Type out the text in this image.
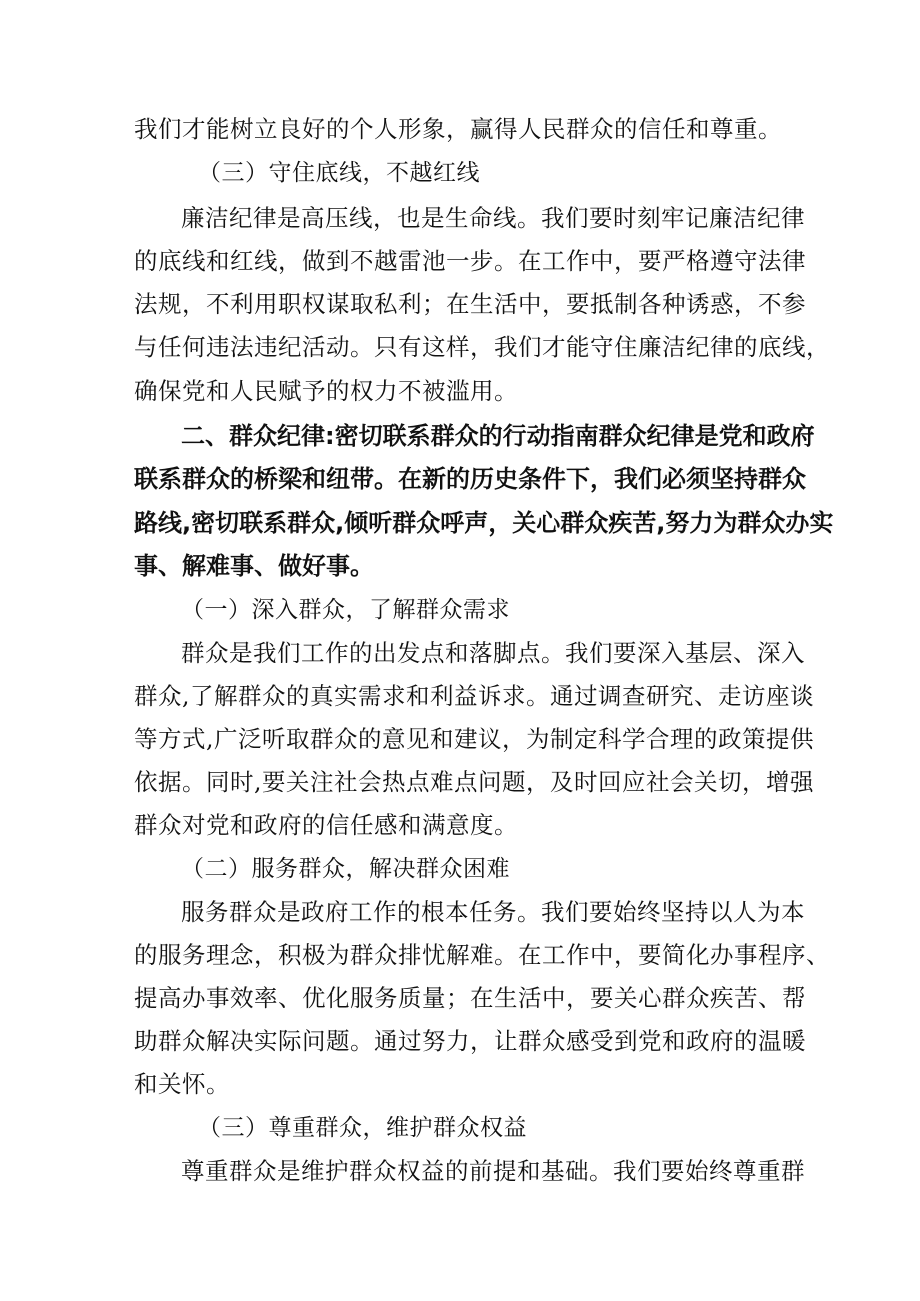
我们才能树立良好的个人形象，赢得人民群众的信任和尊重。
（三）守住底线，不越红线
廉洁纪律是高压线，也是生命线。我们要时刻牢记廉洁纪律
的底线和红线，做到不越雷池一步。在工作中，要严格遵守法律
法规，不利用职权谋取私利；在生活中，要抵制各种诱惑，不参
与任何违法违纪活动。只有这样，我们才能守住廉洁纪律的底线，
确保党和人民赋予的权力不被滥用。
二、群众纪律:密切联系群众的行动指南群众纪律是党和政府
联系群众的桥梁和纽带。在新的历史条件下，我们必须坚持群众
路线,密切联系群众,倾听群众呼声，关心群众疾苦,努力为群众办实
事、解难事、做好事。
（一）深入群众，了解群众需求
群众是我们工作的出发点和落脚点。我们要深入基层、深入
群众,了解群众的真实需求和利益诉求。通过调查研究、走访座谈
等方式,广泛听取群众的意见和建议，为制定科学合理的政策提供
依据。同时,要关注社会热点难点问题，及时回应社会关切，增强
群众对党和政府的信任感和满意度。
（二）服务群众，解决群众困难
服务群众是政府工作的根本任务。我们要始终坚持以人为本
的服务理念，积极为群众排忧解难。在工作中，要简化办事程序、
提高办事效率、优化服务质量；在生活中，要关心群众疾苦、帮
助群众解决实际问题。通过努力，让群众感受到党和政府的温暖
和关怀。
（三）尊重群众，维护群众权益
尊重群众是维护群众权益的前提和基础。我们要始终尊重群
